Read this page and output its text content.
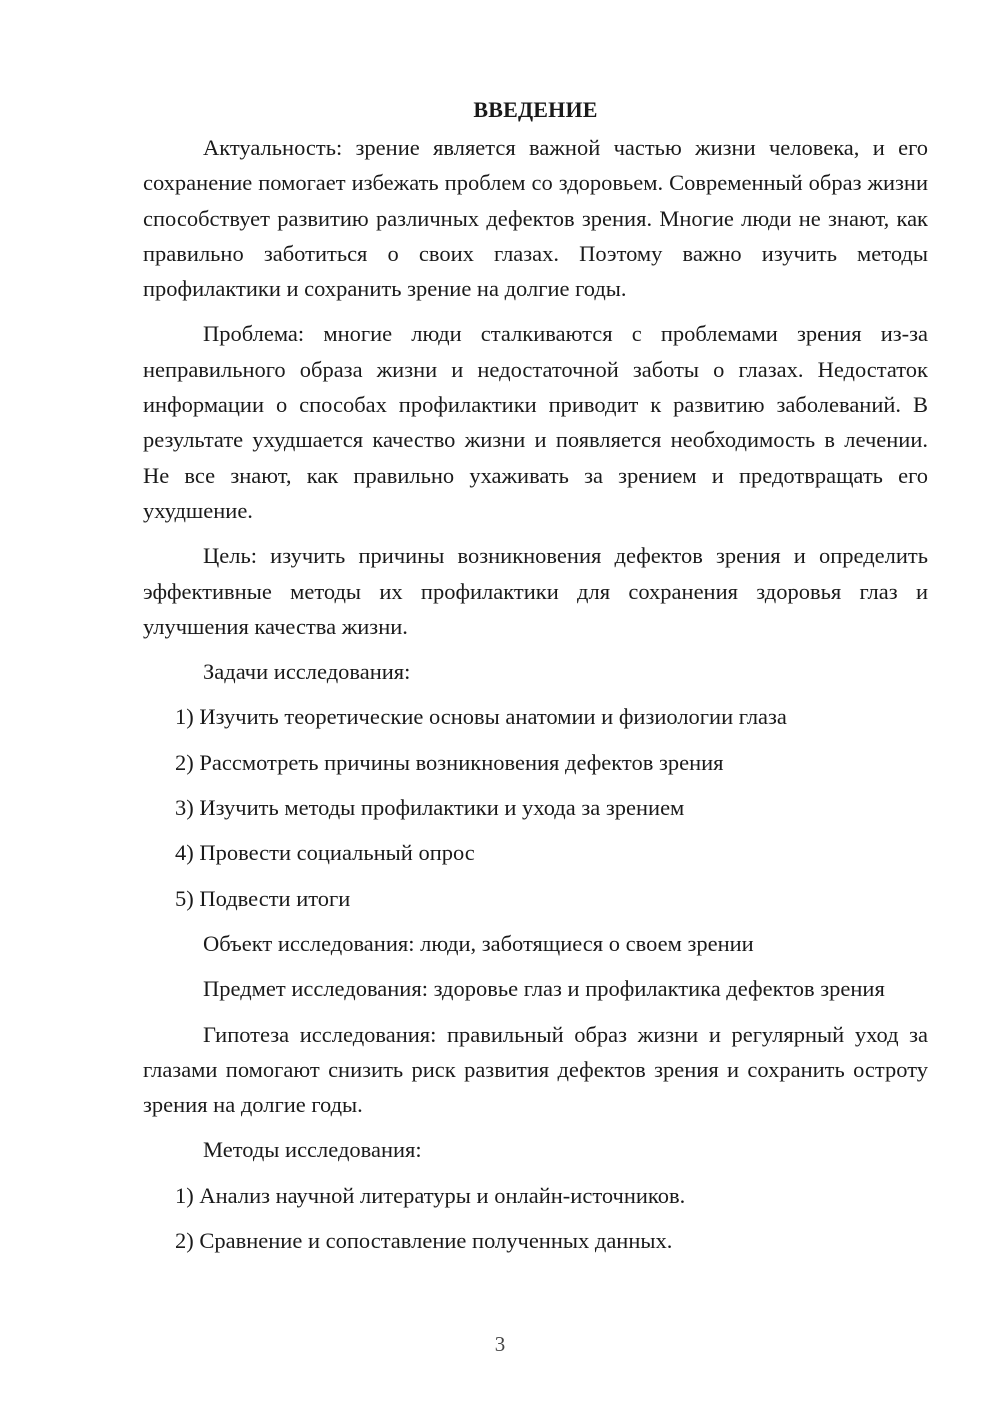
ВВЕДЕНИЕ

Актуальность: зрение является важной частью жизни человека, и его сохранение помогает избежать проблем со здоровьем. Современный образ жизни способствует развитию различных дефектов зрения. Многие люди не знают, как правильно заботиться о своих глазах. Поэтому важно изучить методы профилактики и сохранить зрение на долгие годы.

Проблема: многие люди сталкиваются с проблемами зрения из-за неправильного образа жизни и недостаточной заботы о глазах. Недостаток информации о способах профилактики приводит к развитию заболеваний. В результате ухудшается качество жизни и появляется необходимость в лечении. Не все знают, как правильно ухаживать за зрением и предотвращать его ухудшение.

Цель: изучить причины возникновения дефектов зрения и определить эффективные методы их профилактики для сохранения здоровья глаз и улучшения качества жизни.

Задачи исследования:
1) Изучить теоретические основы анатомии и физиологии глаза
2) Рассмотреть причины возникновения дефектов зрения
3) Изучить методы профилактики и ухода за зрением
4) Провести социальный опрос
5) Подвести итоги

Объект исследования: люди, заботящиеся о своем зрении

Предмет исследования: здоровье глаз и профилактика дефектов зрения

Гипотеза исследования: правильный образ жизни и регулярный уход за глазами помогают снизить риск развития дефектов зрения и сохранить остроту зрения на долгие годы.

Методы исследования:
1) Анализ научной литературы и онлайн-источников.
2) Сравнение и сопоставление полученных данных.
3
